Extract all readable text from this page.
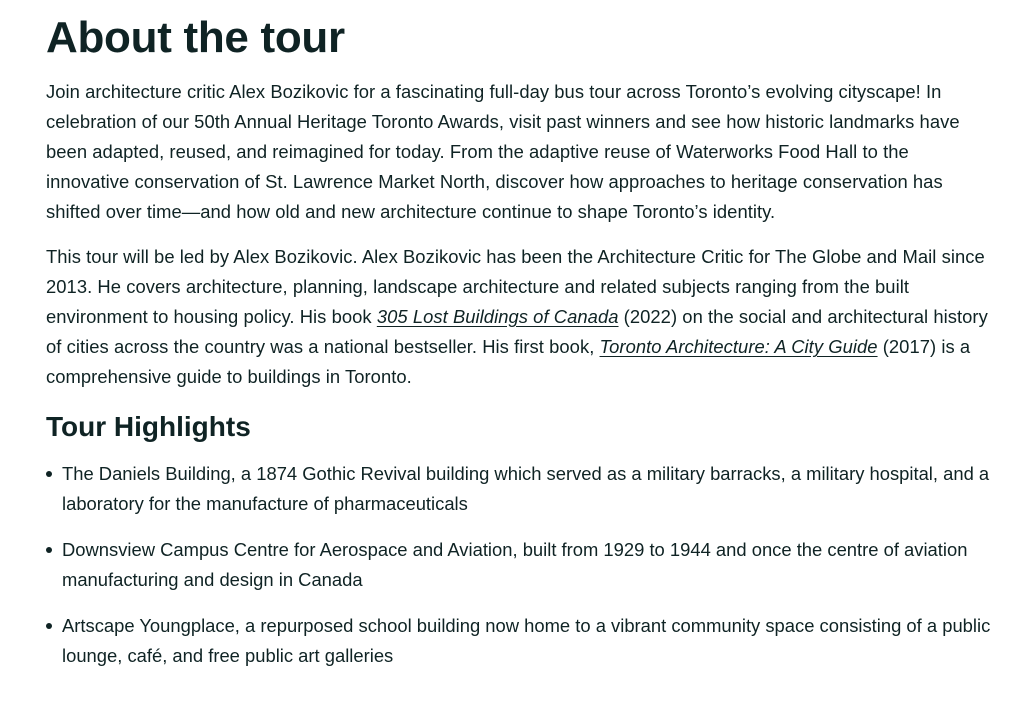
About the tour

Join architecture critic Alex Bozikovic for a fascinating full-day bus tour across Toronto’s evolving cityscape! In celebration of our 50th Annual Heritage Toronto Awards, visit past winners and see how historic landmarks have been adapted, reused, and reimagined for today. From the adaptive reuse of Waterworks Food Hall to the innovative conservation of St. Lawrence Market North, discover how approaches to heritage conservation has shifted over time—and how old and new architecture continue to shape Toronto’s identity.

This tour will be led by Alex Bozikovic. Alex Bozikovic has been the Architecture Critic for The Globe and Mail since 2013. He covers architecture, planning, landscape architecture and related subjects ranging from the built environment to housing policy. His book 305 Lost Buildings of Canada (2022) on the social and architectural history of cities across the country was a national bestseller. His first book, Toronto Architecture: A City Guide (2017) is a comprehensive guide to buildings in Toronto.

Tour Highlights
The Daniels Building, a 1874 Gothic Revival building which served as a military barracks, a military hospital, and a laboratory for the manufacture of pharmaceuticals
Downsview Campus Centre for Aerospace and Aviation, built from 1929 to 1944 and once the centre of aviation manufacturing and design in Canada
Artscape Youngplace, a repurposed school building now home to a vibrant community space consisting of a public lounge, café, and free public art galleries
